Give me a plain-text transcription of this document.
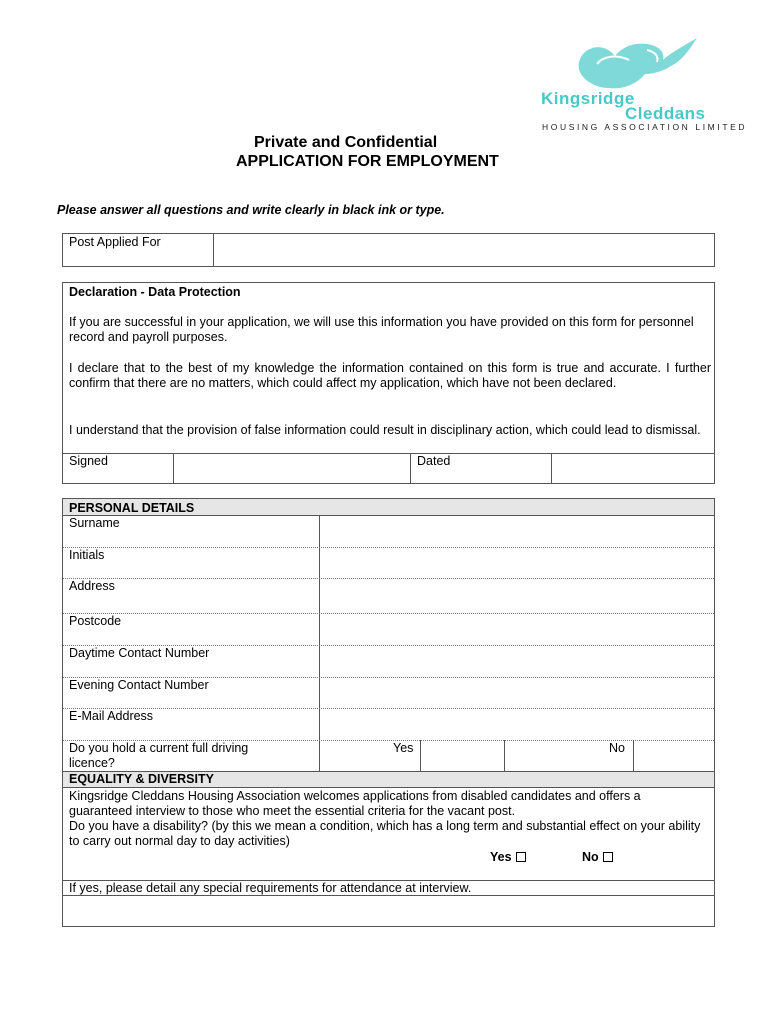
Kingsridge
Cleddans
HOUSING ASSOCIATION LIMITED
Private and Confidential
APPLICATION FOR EMPLOYMENT
Please answer all questions and write clearly in black ink or type.
Post Applied For
Declaration - Data Protection
If you are successful in your application, we will use this information you have provided on this form for personnel record and payroll purposes.
I declare that to the best of my knowledge the information contained on this form is true and accurate. I further confirm that there are no matters, which could affect my application, which have not been declared.
I understand that the provision of false information could result in disciplinary action, which could lead to dismissal.
Signed	Dated
PERSONAL DETAILS
Surname
Initials
Address
Postcode
Daytime Contact Number
Evening Contact Number
E-Mail Address
Do you hold a current full driving
licence?
Yes	No
EQUALITY & DIVERSITY
Kingsridge Cleddans Housing Association welcomes applications from disabled candidates and offers a guaranteed interview to those who meet the essential criteria for the vacant post.
Do you have a disability? (by this we mean a condition, which has a long term and substantial effect on your ability to carry out normal day to day activities)
Yes	No
If yes, please detail any special requirements for attendance at interview.
